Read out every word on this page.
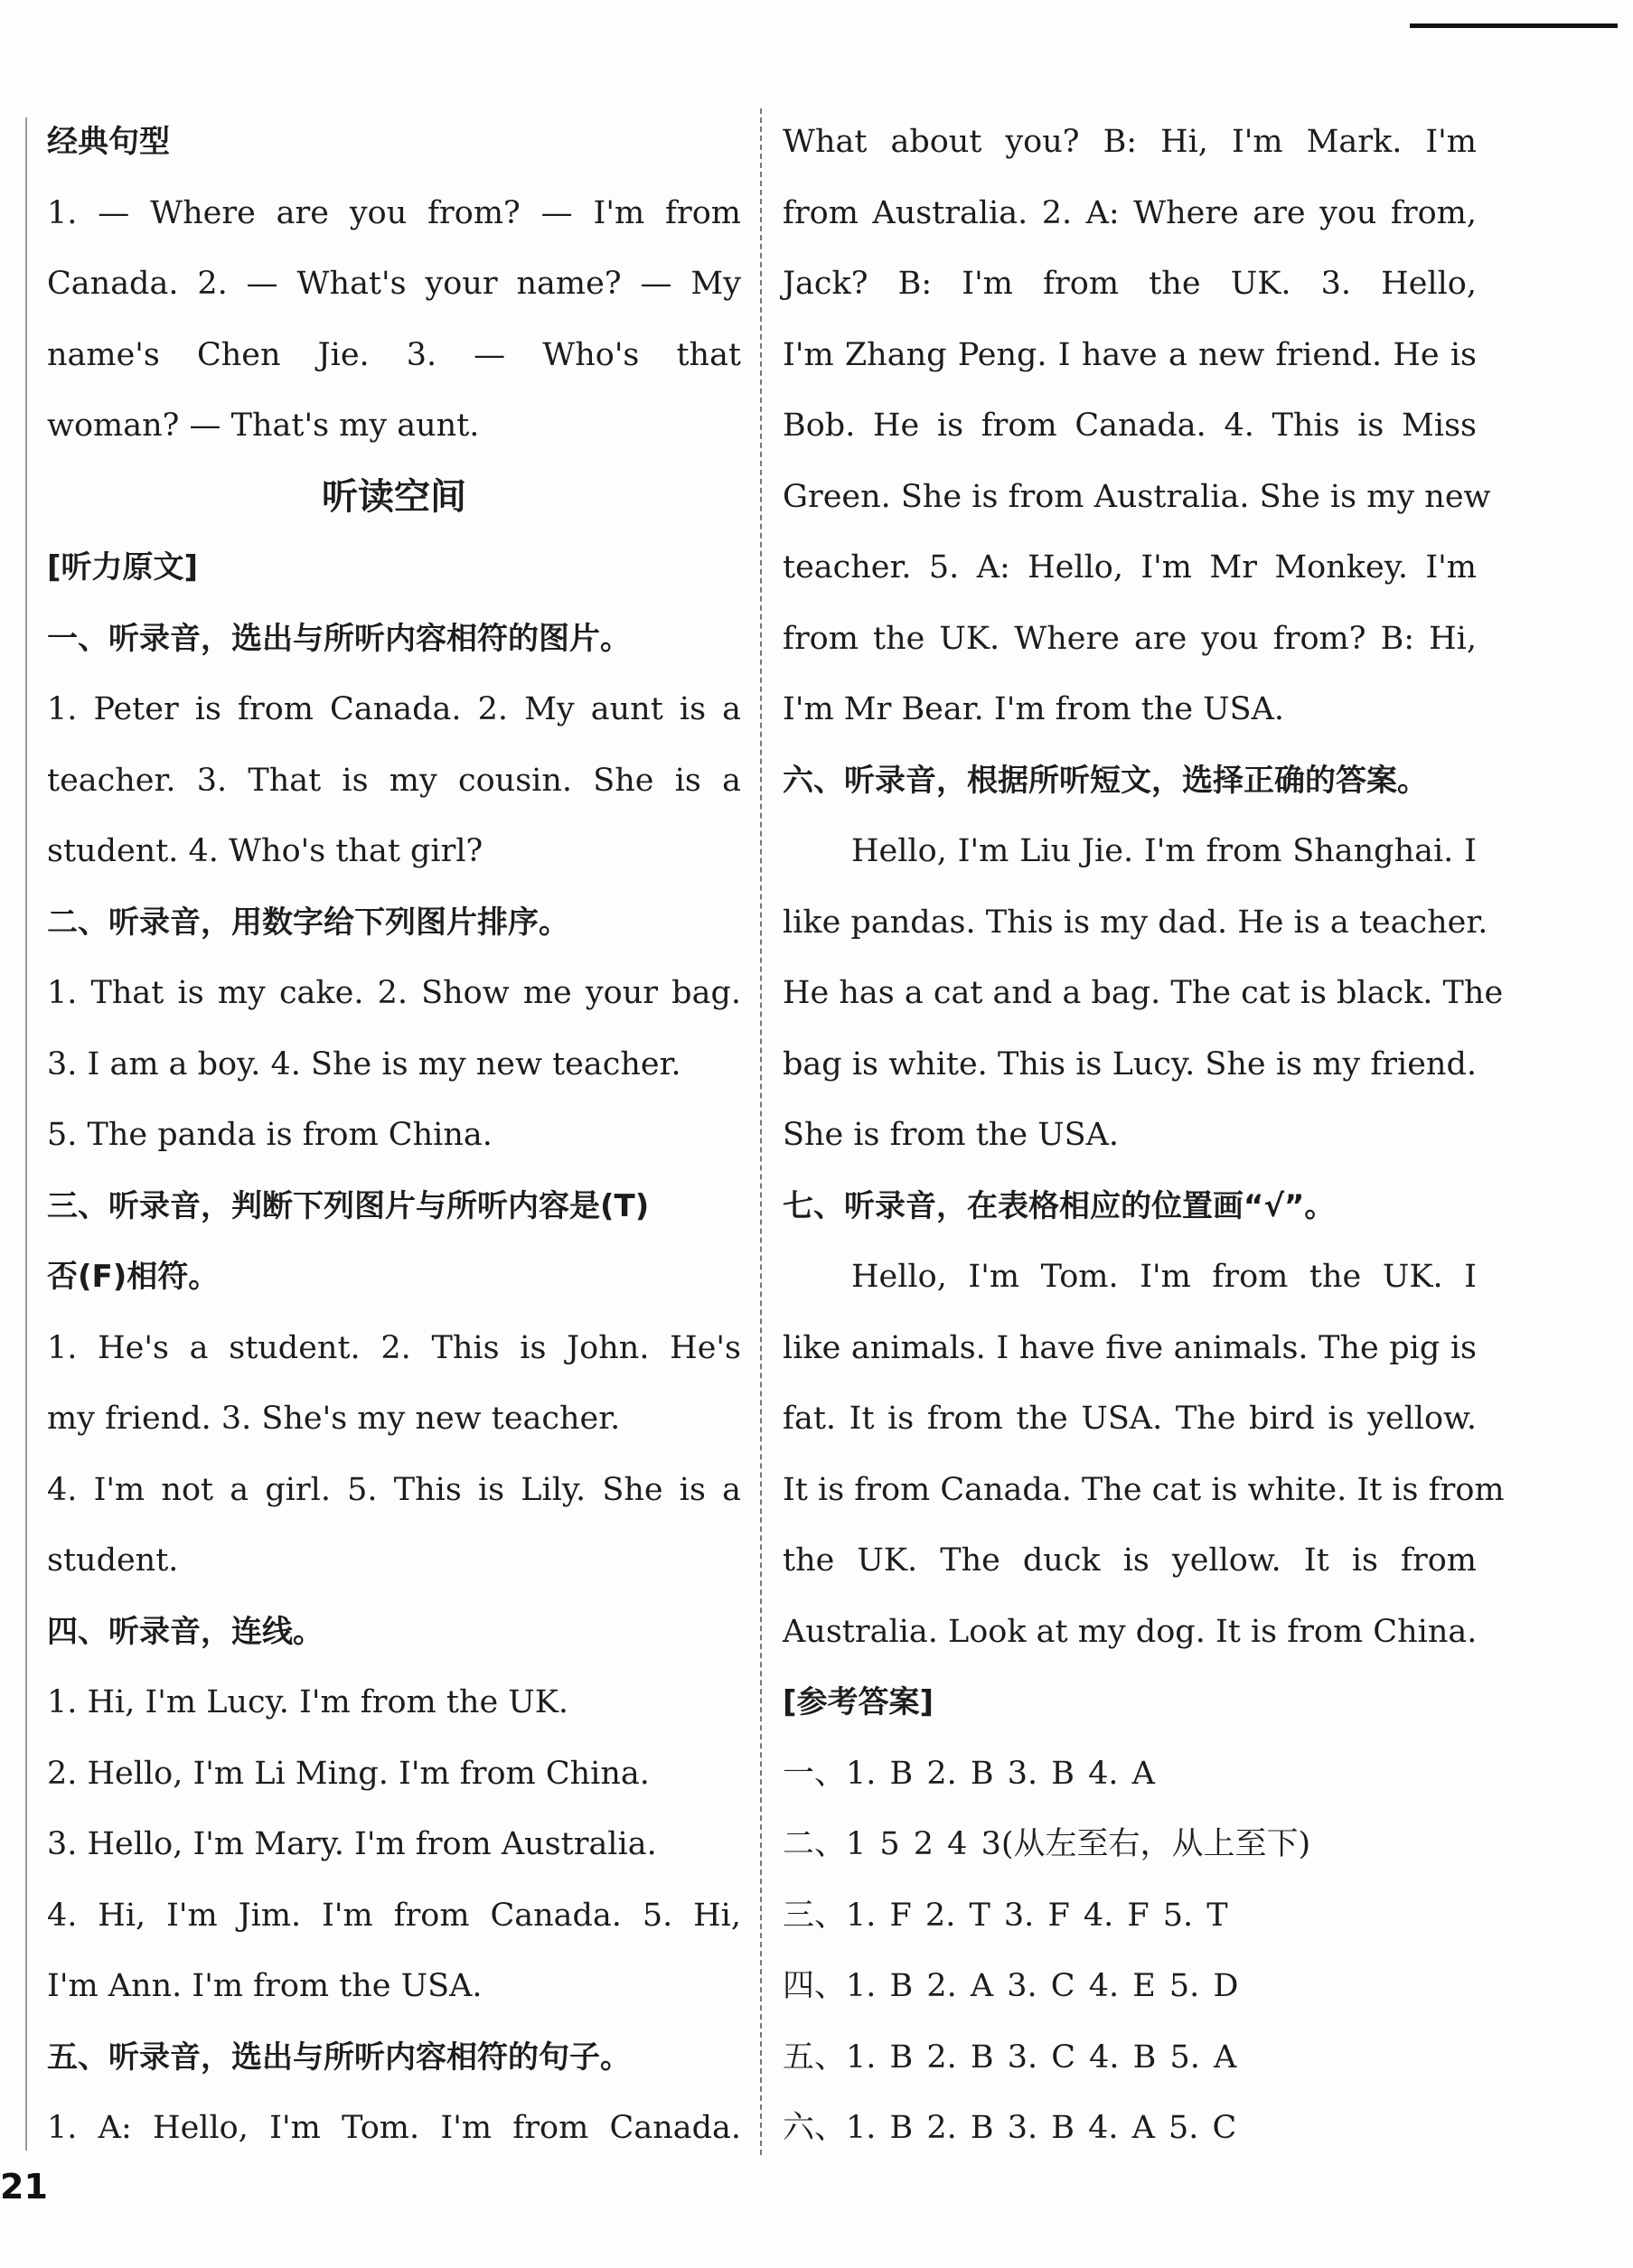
经典句型
1. — Where are you from? — I'm from
Canada. 2. — What's your name? — My
name's Chen Jie. 3. — Who's that
woman? — That's my aunt.
听读空间
[听力原文]
一、听录音，选出与所听内容相符的图片。
1. Peter is from Canada. 2. My aunt is a
teacher. 3. That is my cousin. She is a
student. 4. Who's that girl?
二、听录音，用数字给下列图片排序。
1. That is my cake. 2. Show me your bag.
3. I am a boy. 4. She is my new teacher.
5. The panda is from China.
三、听录音，判断下列图片与所听内容是(T)
否(F)相符。
1. He's a student. 2. This is John. He's
my friend. 3. She's my new teacher.
4. I'm not a girl. 5. This is Lily. She is a
student.
四、听录音，连线。
1. Hi, I'm Lucy. I'm from the UK.
2. Hello, I'm Li Ming. I'm from China.
3. Hello, I'm Mary. I'm from Australia.
4. Hi, I'm Jim. I'm from Canada. 5. Hi,
I'm Ann. I'm from the USA.
五、听录音，选出与所听内容相符的句子。
1. A: Hello, I'm Tom. I'm from Canada.
What about you? B: Hi, I'm Mark. I'm
from Australia. 2. A: Where are you from,
Jack? B: I'm from the UK. 3. Hello,
I'm Zhang Peng. I have a new friend. He is
Bob. He is from Canada. 4. This is Miss
Green. She is from Australia. She is my new
teacher. 5. A: Hello, I'm Mr Monkey. I'm
from the UK. Where are you from? B: Hi,
I'm Mr Bear. I'm from the USA.
六、听录音，根据所听短文，选择正确的答案。
Hello, I'm Liu Jie. I'm from Shanghai. I
like pandas. This is my dad. He is a teacher.
He has a cat and a bag. The cat is black. The
bag is white. This is Lucy. She is my friend.
She is from the USA.
七、听录音，在表格相应的位置画“√”。
Hello, I'm Tom. I'm from the UK. I
like animals. I have five animals. The pig is
fat. It is from the USA. The bird is yellow.
It is from Canada. The cat is white. It is from
the UK. The duck is yellow. It is from
Australia. Look at my dog. It is from China.
[参考答案]
一、1. B 2. B 3. B 4. A
二、1 5 2 4 3(从左至右，从上至下)
三、1. F 2. T 3. F 4. F 5. T
四、1. B 2. A 3. C 4. E 5. D
五、1. B 2. B 3. C 4. B 5. A
六、1. B 2. B 3. B 4. A 5. C
21
